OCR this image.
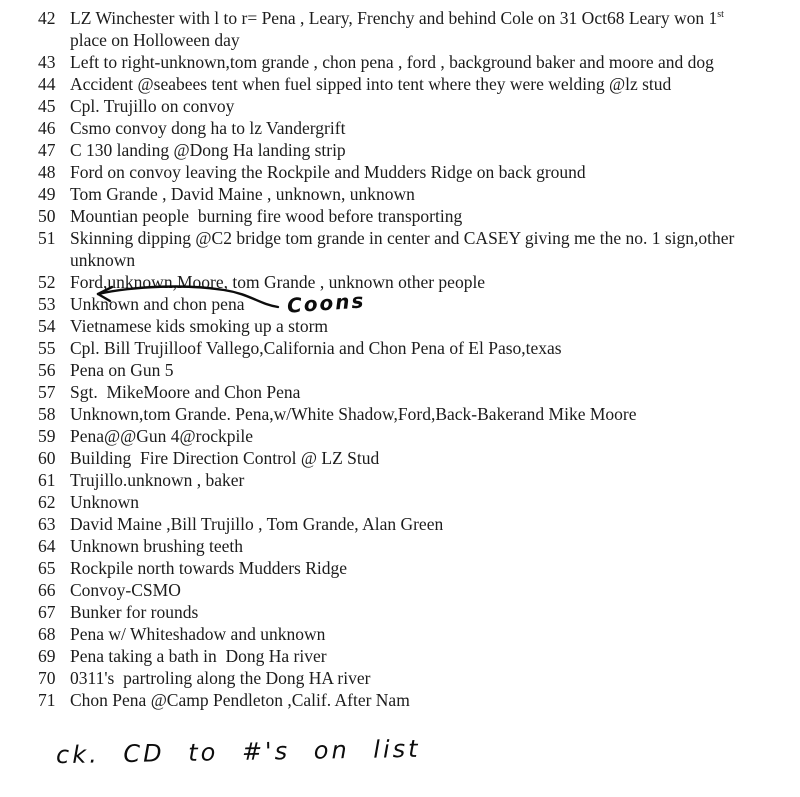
42 LZ Winchester with l to r= Pena , Leary, Frenchy and behind Cole on 31 Oct68 Leary won 1st
place on Holloween day
43 Left to right-unknown,tom grande , chon pena , ford , background baker and moore and dog
44 Accident @seabees tent when fuel sipped into tent where they were welding @lz stud
45 Cpl. Trujillo on convoy
46 Csmo convoy dong ha to lz Vandergrift
47 C 130 landing @Dong Ha landing strip
48 Ford on convoy leaving the Rockpile and Mudders Ridge on back ground
49 Tom Grande , David Maine , unknown, unknown
50 Mountian people  burning fire wood before transporting
51 Skinning dipping @C2 bridge tom grande in center and CASEY giving me the no. 1 sign,other
unknown
52 Ford,unknown,Moore, tom Grande , unknown other people
53 Unknown and chon pena
54 Vietnamese kids smoking up a storm
55 Cpl. Bill Trujilloof Vallego,California and Chon Pena of El Paso,texas
56 Pena on Gun 5
57 Sgt.  MikeMoore and Chon Pena
58 Unknown,tom Grande. Pena,w/White Shadow,Ford,Back-Bakerand Mike Moore
59 Pena@@Gun 4@rockpile
60 Building  Fire Direction Control @ LZ Stud
61 Trujillo.unknown , baker
62 Unknown
63 David Maine ,Bill Trujillo , Tom Grande, Alan Green
64 Unknown brushing teeth
65 Rockpile north towards Mudders Ridge
66 Convoy-CSMO
67 Bunker for rounds
68 Pena w/ Whiteshadow and unknown
69 Pena taking a bath in  Dong Ha river
70 0311's  partroling along the Dong HA river
71 Chon Pena @Camp Pendleton ,Calif. After Nam
Coons
ck. CD to #'s on list
